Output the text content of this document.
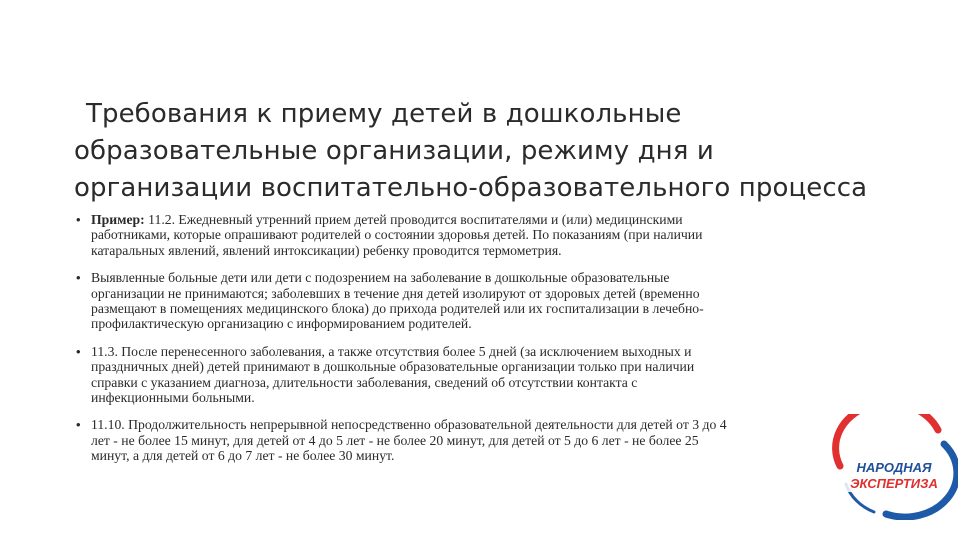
Требования к приему детей в дошкольные
образовательные организации, режиму дня и
организации воспитательно-образовательного процесса
• Пример: 11.2. Ежедневный утренний прием детей проводится воспитателями и (или) медицинскими
работниками, которые опрашивают родителей о состоянии здоровья детей. По показаниям (при наличии
катаральных явлений, явлений интоксикации) ребенку проводится термометрия.
• Выявленные больные дети или дети с подозрением на заболевание в дошкольные образовательные
организации не принимаются; заболевших в течение дня детей изолируют от здоровых детей (временно
размещают в помещениях медицинского блока) до прихода родителей или их госпитализации в лечебно-
профилактическую организацию с информированием родителей.
• 11.3. После перенесенного заболевания, а также отсутствия более 5 дней (за исключением выходных и
праздничных дней) детей принимают в дошкольные образовательные организации только при наличии
справки с указанием диагноза, длительности заболевания, сведений об отсутствии контакта с
инфекционными больными.
• 11.10. Продолжительность непрерывной непосредственно образовательной деятельности для детей от 3 до 4
лет - не более 15 минут, для детей от 4 до 5 лет - не более 20 минут, для детей от 5 до 6 лет - не более 25
минут, а для детей от 6 до 7 лет - не более 30 минут.
НАРОДНАЯ
ЭКСПЕРТИЗА
